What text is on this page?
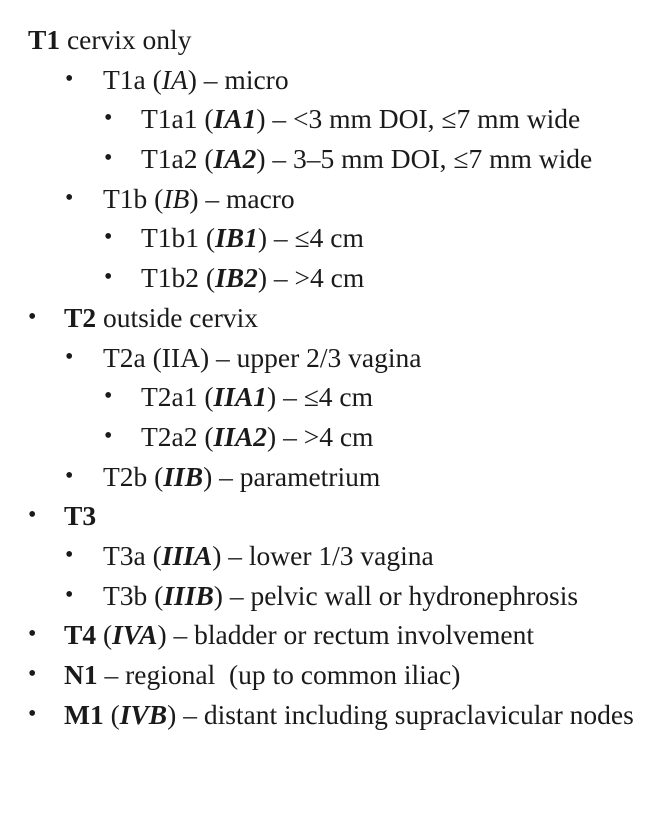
T1 cervix only
• T1a (IA) – micro
• T1a1 (IA1) – <3 mm DOI, ≤7 mm wide
• T1a2 (IA2) – 3–5 mm DOI, ≤7 mm wide
• T1b (IB) – macro
• T1b1 (IB1) – ≤4 cm
• T1b2 (IB2) – >4 cm
• T2 outside cervix
• T2a (IIA) – upper 2/3 vagina
• T2a1 (IIA1) – ≤4 cm
• T2a2 (IIA2) – >4 cm
• T2b (IIB) – parametrium
• T3
• T3a (IIIA) – lower 1/3 vagina
• T3b (IIIB) – pelvic wall or hydronephrosis
• T4 (IVA) – bladder or rectum involvement
• N1 – regional  (up to common iliac)
• M1 (IVB) – distant including supraclavicular nodes
